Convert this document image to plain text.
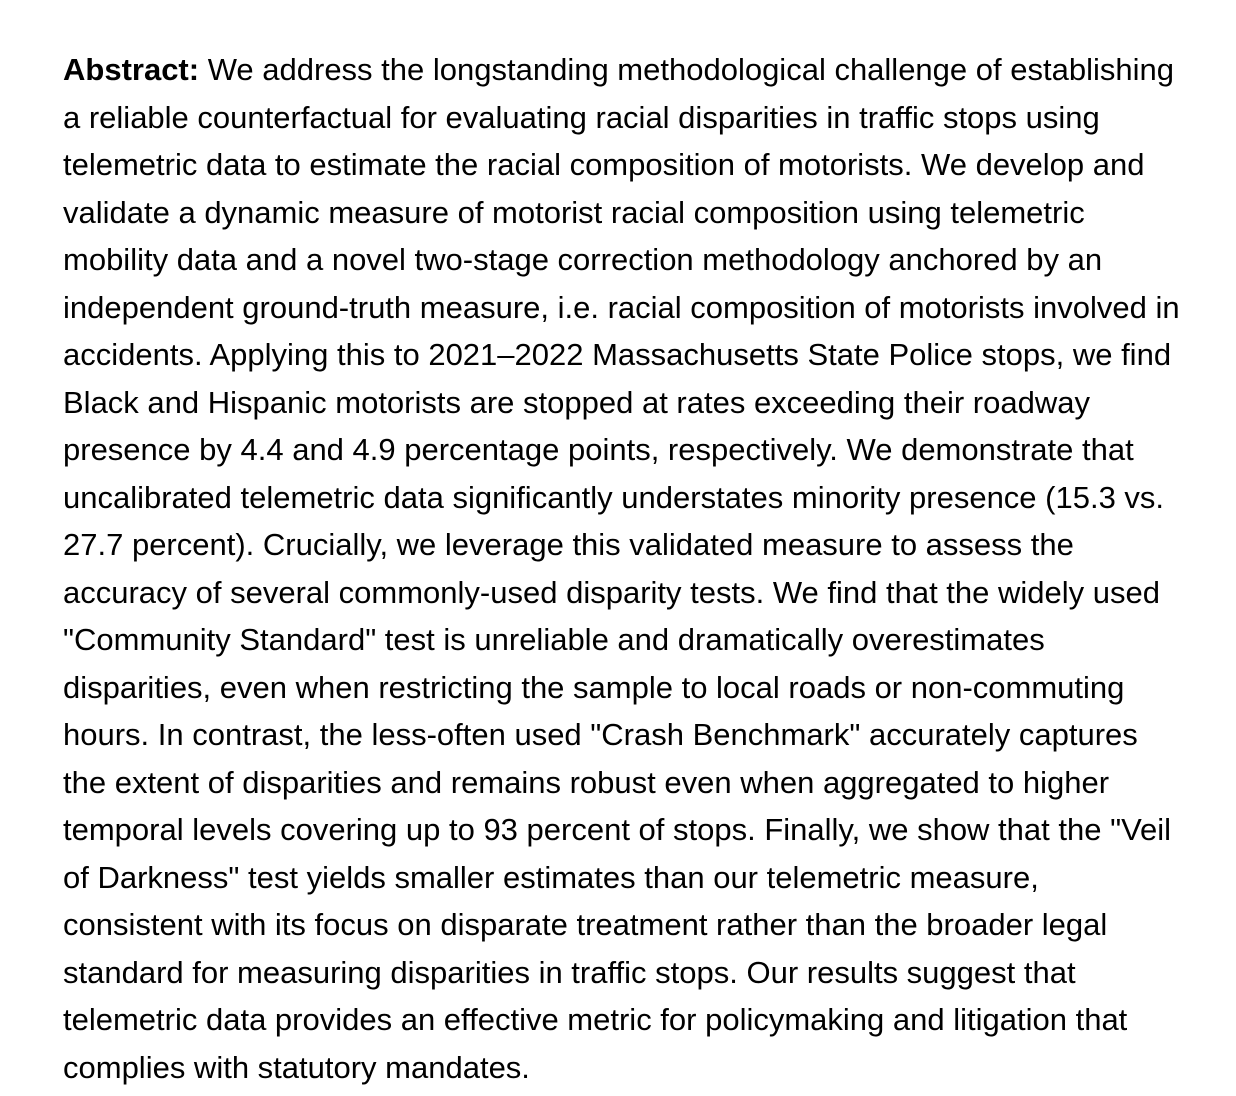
Abstract: We address the longstanding methodological challenge of establishing a reliable counterfactual for evaluating racial disparities in traffic stops using telemetric data to estimate the racial composition of motorists. We develop and validate a dynamic measure of motorist racial composition using telemetric mobility data and a novel two-stage correction methodology anchored by an independent ground-truth measure, i.e. racial composition of motorists involved in accidents. Applying this to 2021–2022 Massachusetts State Police stops, we find Black and Hispanic motorists are stopped at rates exceeding their roadway presence by 4.4 and 4.9 percentage points, respectively. We demonstrate that uncalibrated telemetric data significantly understates minority presence (15.3 vs. 27.7 percent). Crucially, we leverage this validated measure to assess the accuracy of several commonly-used disparity tests. We find that the widely used "Community Standard" test is unreliable and dramatically overestimates disparities, even when restricting the sample to local roads or non-commuting hours. In contrast, the less-often used "Crash Benchmark" accurately captures the extent of disparities and remains robust even when aggregated to higher temporal levels covering up to 93 percent of stops. Finally, we show that the "Veil of Darkness" test yields smaller estimates than our telemetric measure, consistent with its focus on disparate treatment rather than the broader legal standard for measuring disparities in traffic stops. Our results suggest that telemetric data provides an effective metric for policymaking and litigation that complies with statutory mandates.
